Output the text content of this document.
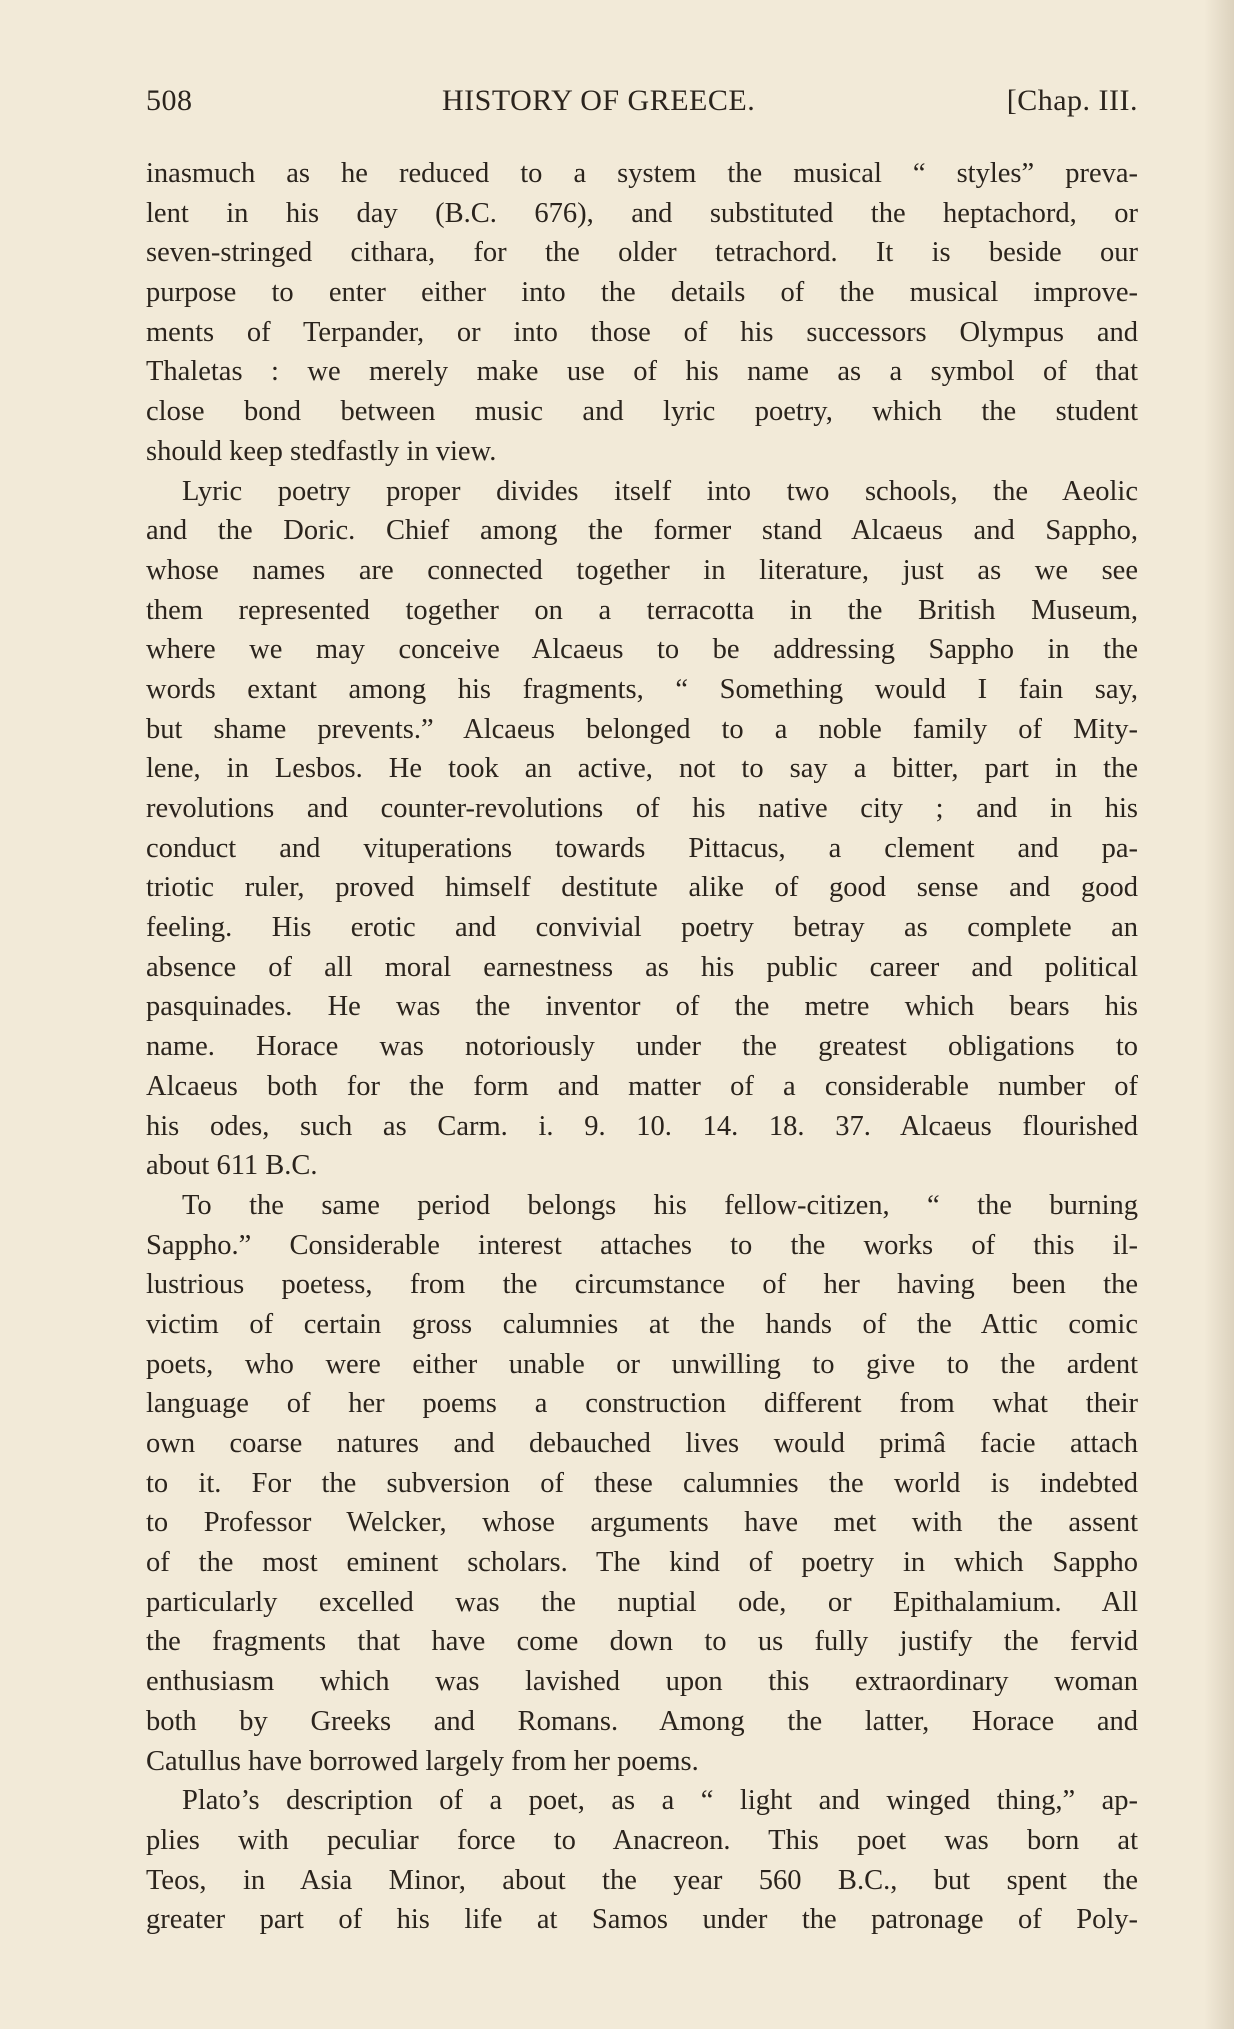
508	HISTORY OF GREECE.	[Chap. III.
inasmuch as he reduced to a system the musical “ styles” preva-
lent in his day (B.C. 676), and substituted the heptachord, or
seven-stringed cithara, for the older tetrachord. It is beside our
purpose to enter either into the details of the musical improve-
ments of Terpander, or into those of his successors Olympus and
Thaletas : we merely make use of his name as a symbol of that
close bond between music and lyric poetry, which the student
should keep stedfastly in view.
Lyric poetry proper divides itself into two schools, the Aeolic
and the Doric. Chief among the former stand Alcaeus and Sappho,
whose names are connected together in literature, just as we see
them represented together on a terracotta in the British Museum,
where we may conceive Alcaeus to be addressing Sappho in the
words extant among his fragments, “ Something would I fain say,
but shame prevents.” Alcaeus belonged to a noble family of Mity-
lene, in Lesbos. He took an active, not to say a bitter, part in the
revolutions and counter-revolutions of his native city ; and in his
conduct and vituperations towards Pittacus, a clement and pa-
triotic ruler, proved himself destitute alike of good sense and good
feeling. His erotic and convivial poetry betray as complete an
absence of all moral earnestness as his public career and political
pasquinades. He was the inventor of the metre which bears his
name. Horace was notoriously under the greatest obligations to
Alcaeus both for the form and matter of a considerable number of
his odes, such as Carm. i. 9. 10. 14. 18. 37. Alcaeus flourished
about 611 B.C.
To the same period belongs his fellow-citizen, “ the burning
Sappho.” Considerable interest attaches to the works of this il-
lustrious poetess, from the circumstance of her having been the
victim of certain gross calumnies at the hands of the Attic comic
poets, who were either unable or unwilling to give to the ardent
language of her poems a construction different from what their
own coarse natures and debauched lives would primâ facie attach
to it. For the subversion of these calumnies the world is indebted
to Professor Welcker, whose arguments have met with the assent
of the most eminent scholars. The kind of poetry in which Sappho
particularly excelled was the nuptial ode, or Epithalamium. All
the fragments that have come down to us fully justify the fervid
enthusiasm which was lavished upon this extraordinary woman
both by Greeks and Romans. Among the latter, Horace and
Catullus have borrowed largely from her poems.
Plato’s description of a poet, as a “ light and winged thing,” ap-
plies with peculiar force to Anacreon. This poet was born at
Teos, in Asia Minor, about the year 560 B.C., but spent the
greater part of his life at Samos under the patronage of Poly-
